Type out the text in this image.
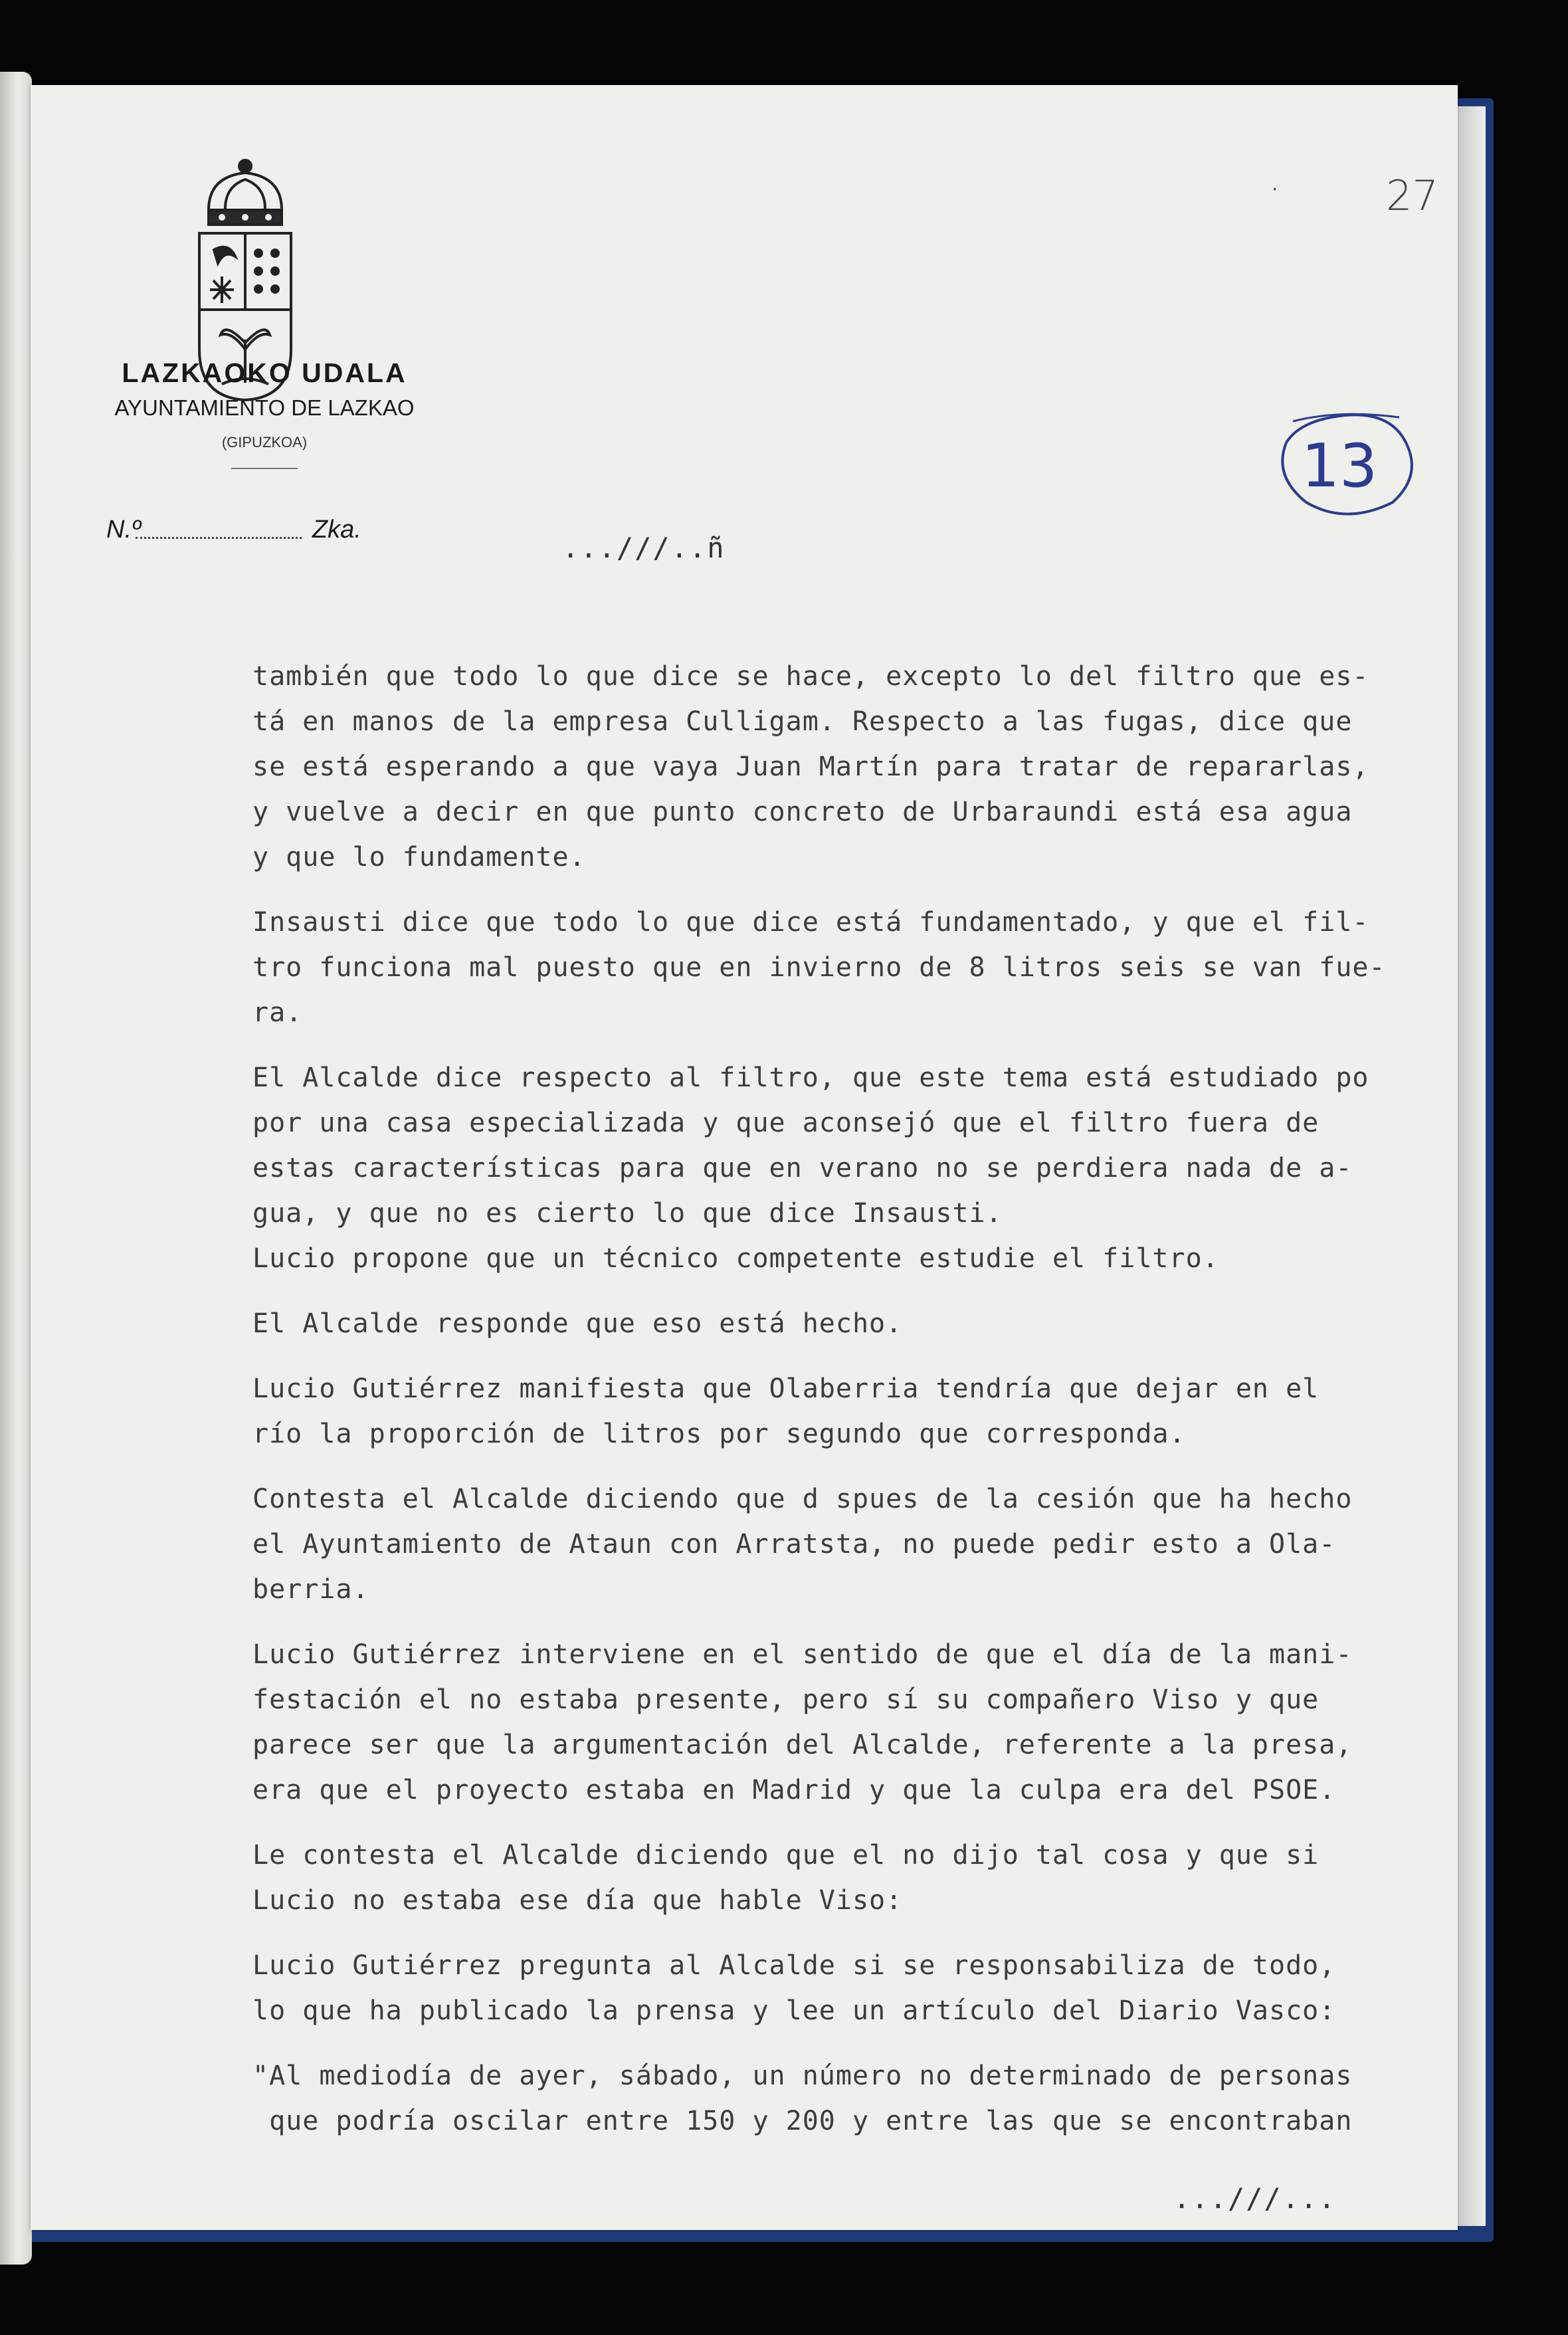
LAZKAOKO UDALA
AYUNTAMIENTO DE LAZKAO
(GIPUZKOA)
N.º	Zka.
·	27
13
...///..ñ
también que todo lo que dice se hace, excepto lo del filtro que es-
tá en manos de la empresa Culligam. Respecto a las fugas, dice que
se está esperando a que vaya Juan Martín para tratar de repararlas,
y vuelve a decir en que punto concreto de Urbaraundi está esa agua
y que lo fundamente.
Insausti dice que todo lo que dice está fundamentado, y que el fil-
tro funciona mal puesto que en invierno de 8 litros seis se van fue-
ra.
El Alcalde dice respecto al filtro, que este tema está estudiado po
por una casa especializada y que aconsejó que el filtro fuera de
estas características para que en verano no se perdiera nada de a-
gua, y que no es cierto lo que dice Insausti.
Lucio propone que un técnico competente estudie el filtro.
El Alcalde responde que eso está hecho.
Lucio Gutiérrez manifiesta que Olaberria tendría que dejar en el
río la proporción de litros por segundo que corresponda.
Contesta el Alcalde diciendo que d spues de la cesión que ha hecho
el Ayuntamiento de Ataun con Arratsta, no puede pedir esto a Ola-
berria.
Lucio Gutiérrez interviene en el sentido de que el día de la mani-
festación el no estaba presente, pero sí su compañero Viso y que
parece ser que la argumentación del Alcalde, referente a la presa,
era que el proyecto estaba en Madrid y que la culpa era del PSOE.
Le contesta el Alcalde diciendo que el no dijo tal cosa y que si
Lucio no estaba ese día que hable Viso:
Lucio Gutiérrez pregunta al Alcalde si se responsabiliza de todo,
lo que ha publicado la prensa y lee un artículo del Diario Vasco:
"Al mediodía de ayer, sábado, un número no determinado de personas
que podría oscilar entre 150 y 200 y entre las que se encontraban
...///...
